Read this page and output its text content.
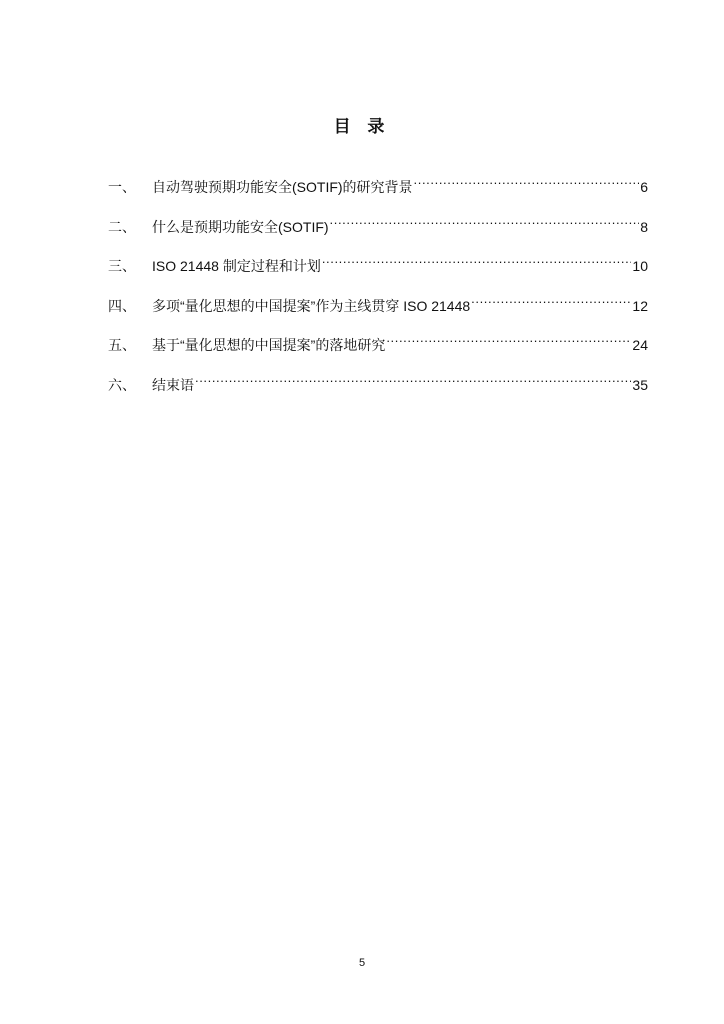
目 录
一、	自动驾驶预期功能安全(SOTIF)的研究背景 .....	6
二、	什么是预期功能安全(SOTIF) .....	8
三、	ISO 21448 制定过程和计划 .....	10
四、	多项“量化思想的中国提案”作为主线贯穿 ISO 21448 .....	12
五、	基于“量化思想的中国提案”的落地研究 .....	24
六、	结束语 .....	35
5
